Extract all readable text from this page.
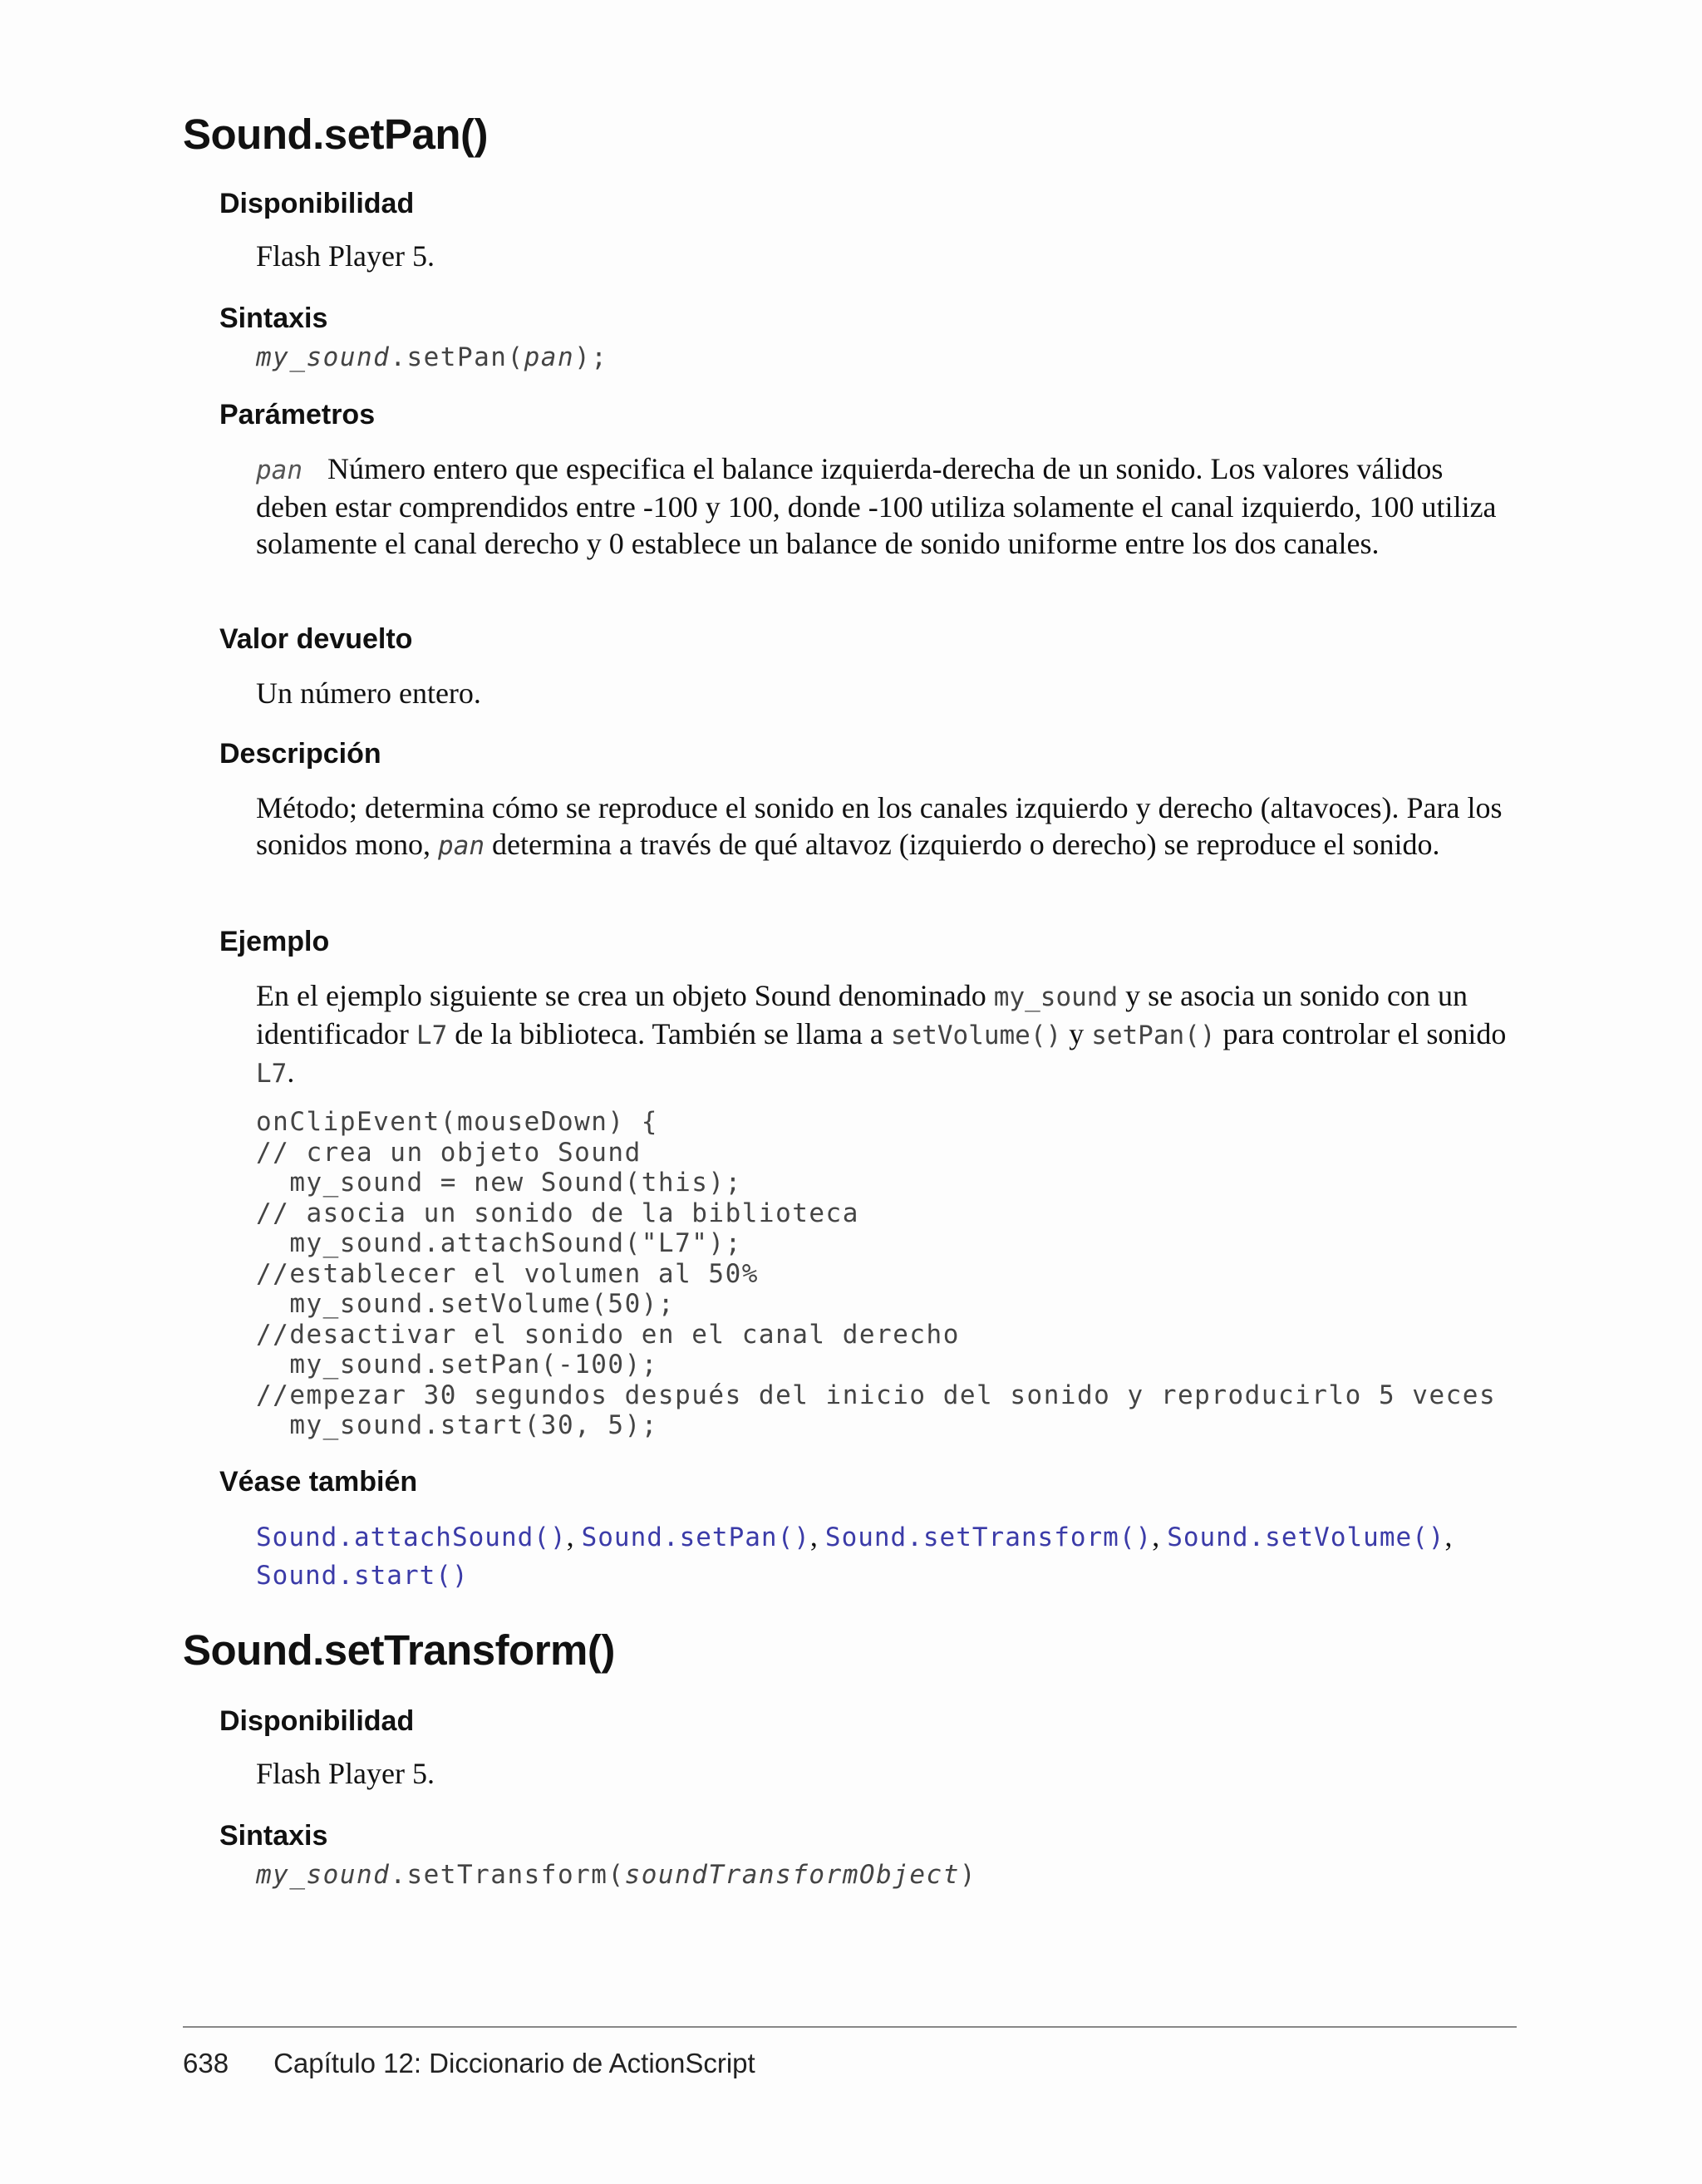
Sound.setPan()
Disponibilidad

Flash Player 5.

Sintaxis

my_sound.setPan(pan);

Parámetros

pan Número entero que especifica el balance izquierda-derecha de un sonido. Los valores válidos deben estar comprendidos entre -100 y 100, donde -100 utiliza solamente el canal izquierdo, 100 utiliza solamente el canal derecho y 0 establece un balance de sonido uniforme entre los dos canales.

Valor devuelto

Un número entero.

Descripción

Método; determina cómo se reproduce el sonido en los canales izquierdo y derecho (altavoces). Para los sonidos mono, pan determina a través de qué altavoz (izquierdo o derecho) se reproduce el sonido.

Ejemplo

En el ejemplo siguiente se crea un objeto Sound denominado my_sound y se asocia un sonido con un identificador L7 de la biblioteca. También se llama a setVolume() y setPan() para controlar el sonido L7.

onClipEvent(mouseDown) {

// crea un objeto Sound

my_sound = new Sound(this);

// asocia un sonido de la biblioteca

my_sound.attachSound("L7");

//establecer el volumen al 50%

my_sound.setVolume(50);

//desactivar el sonido en el canal derecho

my_sound.setPan(-100);

//empezar 30 segundos después del inicio del sonido y reproducirlo 5 veces

my_sound.start(30, 5);

Véase también

Sound.attachSound(), Sound.setPan(), Sound.setTransform(), Sound.setVolume(), Sound.start()

Sound.setTransform()
Disponibilidad

Flash Player 5.

Sintaxis

my_sound.setTransform(soundTransformObject)

638 Capítulo 12: Diccionario de ActionScript
